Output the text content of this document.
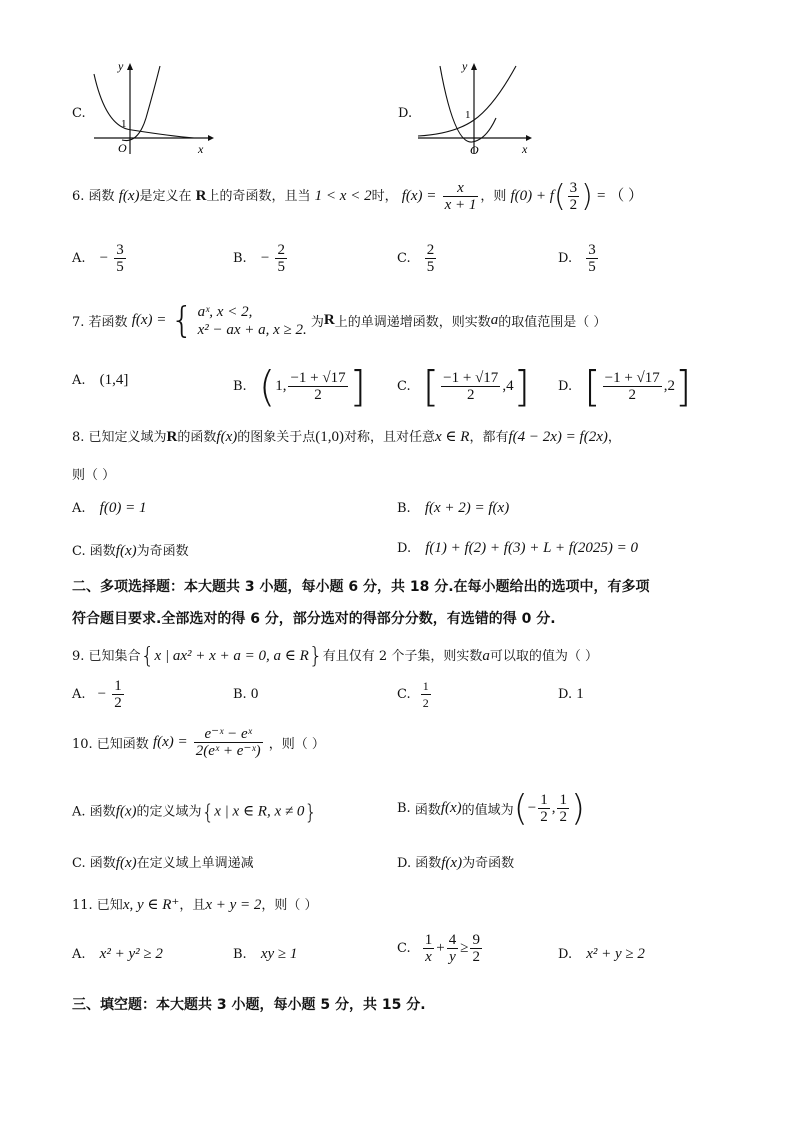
C.
y
x
O
1
D.
y
x
O
1
6. 函数 f(x)是定义在 R上的奇函数，且当 1 < x < 2时， $f(x) = \frac{x}{x + 1}$ ，则 $f(0) + f( \frac{3}{2}$ ) = （ ）
A. − $\frac{3}{5}$	B. − $\frac{2}{5}$	C. $\frac{2}{5}$	D. $\frac{3}{5}$
7. 若函数 f(x) = { aˣ, x < 2,
x² − ax + a, x ≥ 2. 为R上的单调递增函数，则实数a的取值范围是（ ）
A. (1,4]	B. (1, $\frac{-1 + √17}{2}$ ] C. [ $\frac{-1 + √17}{2} ,4$] D. [ $\frac{-1 + √17}{2} ,2$]
8. 已知定义域为R的函数f(x)的图象关于点(1,0)对称，且对任意x ∈ R，都有f(4 − 2x) = f(2x)，
则（ ）
A. f(0) = 1	B. f(x + 2) = f(x)
C. 函数f(x)为奇函数	D. f(1) + f(2) + f(3) + L + f(2025) = 0
二、多项选择题：本大题共 3 小题，每小题 6 分，共 18 分.在每小题给出的选项中，有多项
符合题目要求.全部选对的得 6 分，部分选对的得部分分数，有选错的得 0 分.
9. 已知集合{x | ax² + x + a = 0, a ∈ R}有且仅有 2 个子集，则实数a可以取的值为（ ）
A. − $\frac{1}{2}$	B. 0	C. $\frac{1}{2}$	D. 1
10. 已知函数 $f(x) = \frac{\text{e⁻ˣ − eˣ}}{\text{2(eˣ + e⁻ˣ)}}$ ，则（ ）
A. 函数f(x)的定义域为{x | x ∈ R, x ≠ 0}	B. 函数f(x)的值域为(− $\frac{1}{2}$ , $\frac{1}{2}$ )
C. 函数f(x)在定义域上单调递减	D. 函数f(x)为奇函数
11. 已知x, y ∈ R⁺，且x + y = 2，则（ ）
A. x² + y² ≥ 2	B. xy ≥ 1	C. $\frac{1}{x} + \frac{4}{y} \ge \frac{9}{2}$	D. x² + y ≥ 2
三、填空题：本大题共 3 小题，每小题 5 分，共 15 分.
